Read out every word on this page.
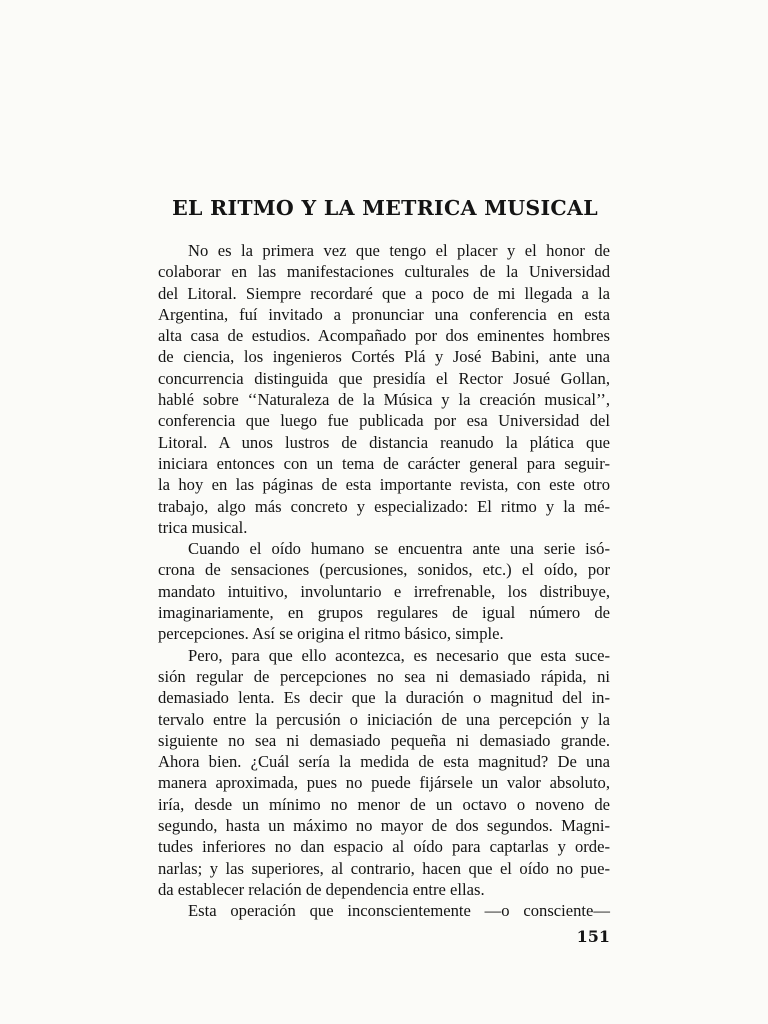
EL RITMO Y LA METRICA MUSICAL
No es la primera vez que tengo el placer y el honor de
colaborar en las manifestaciones culturales de la Universidad
del Litoral. Siempre recordaré que a poco de mi llegada a la
Argentina, fuí invitado a pronunciar una conferencia en esta
alta casa de estudios. Acompañado por dos eminentes hombres
de ciencia, los ingenieros Cortés Plá y José Babini, ante una
concurrencia distinguida que presidía el Rector Josué Gollan,
hablé sobre ‘‘Naturaleza de la Música y la creación musical’’,
conferencia que luego fue publicada por esa Universidad del
Litoral. A unos lustros de distancia reanudo la plática que
iniciara entonces con un tema de carácter general para seguir-
la hoy en las páginas de esta importante revista, con este otro
trabajo, algo más concreto y especializado: El ritmo y la mé-
trica musical.
Cuando el oído humano se encuentra ante una serie isó-
crona de sensaciones (percusiones, sonidos, etc.) el oído, por
mandato intuitivo, involuntario e irrefrenable, los distribuye,
imaginariamente, en grupos regulares de igual número de
percepciones. Así se origina el ritmo básico, simple.
Pero, para que ello acontezca, es necesario que esta suce-
sión regular de percepciones no sea ni demasiado rápida, ni
demasiado lenta. Es decir que la duración o magnitud del in-
tervalo entre la percusión o iniciación de una percepción y la
siguiente no sea ni demasiado pequeña ni demasiado grande.
Ahora bien. ¿Cuál sería la medida de esta magnitud? De una
manera aproximada, pues no puede fijársele un valor absoluto,
iría, desde un mínimo no menor de un octavo o noveno de
segundo, hasta un máximo no mayor de dos segundos. Magni-
tudes inferiores no dan espacio al oído para captarlas y orde-
narlas; y las superiores, al contrario, hacen que el oído no pue-
da establecer relación de dependencia entre ellas.
Esta operación que inconscientemente —o consciente—
151
